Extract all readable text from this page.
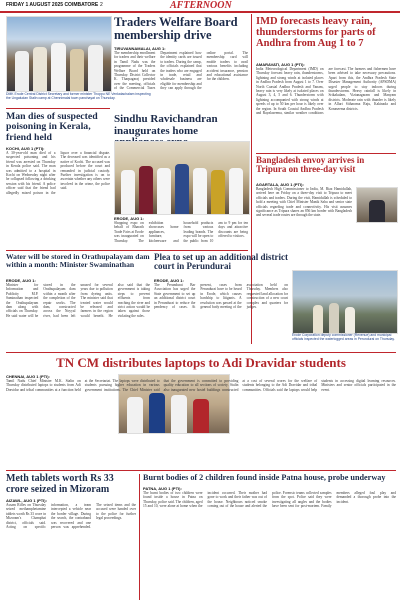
FRIDAY 1 AUGUST 2025 COIMBATORE 2	AFTERNOON
DMK Erode Central District Secretary and former minister Thoppu NE Venkatachalam inspecting the Ungaludan Stalin camp at Chennimalai town panchayat on Thursday.
Traders Welfare Board membership drive
TIRUVANNAMALAI, AUG 1:
The membership enrollment for traders and their welfare in Tamil Nadu was the programme of the Traders Welfare Board held on Thursday. District Collector K. Tharpagaraj presided over the meeting, officials of the Commercial Taxes Department explained how the identity cards are issued to traders. During the camp, the officials explained that the traders who are engaged in trade, retail and wholesale business are eligible for membership and they can apply through the online portal. The membership card will enable traders to avail various benefits including accident insurance, pension and educational assistance for the children.
IMD forecasts heavy rain, thunderstorms for parts of Andhra from Aug 1 to 7
AMARAVATI, AUG 1 (PTI):
India Meteorological Department (IMD) on Thursday forecast heavy rain, thunderstorms, lightning and strong winds at isolated places in Andhra Pradesh from August 1 to 7. Over North Coastal Andhra Pradesh and Yanam, heavy rain is very likely at isolated places on August 3, 4, 5 and 6. Thunderstorm with lightning accompanied with strong winds at speeds of up to 50 km per hour is likely over the region. In South Coastal Andhra Pradesh and Rayalaseema, similar weather conditions are forecast. The farmers and fishermen have been advised to take necessary precautions. Apart from this, the Andhra Pradesh State Disaster Management Authority (APSDMA) urged people to stay indoors during thunderstorms. Heavy rainfall is likely in Srikakulam, Vizianagaram and Manyam districts. Moderate rain with thunder is likely in Alluri Sitharama Raju, Kakinada and Konaseema districts.
Bangladesh envoy arrives in Tripura on three-day visit
AGARTALA, AUG 1 (PTI):
Bangladesh High Commissioner to India, M. Riaz Hamidullah, arrived here on Friday on a three-day visit to Tripura to meet officials and traders. During the visit, Hamidullah is scheduled to hold a meeting with Chief Minister Manik Saha and senior state officials regarding trade and connectivity. His visit assumes significance as Tripura shares an 856 km border with Bangladesh and several trade routes are through the state.
Erode Corporation deputy commissioner (Revenue) and municipal officials inspected the waterlogged areas in Perundurai on Thursday.
Man dies of suspected poisoning in Kerala, friend held
KOCHI, AUG 1 (PTI):
A 30-year-old man died of a suspected poisoning and his friend was arrested on Thursday in Kerala police said. The man was admitted to a hospital in Kochi on Wednesday night after he collapsed following a drinking session with his friend. A police officer said that the friend had allegedly mixed poison in the liquor over a financial dispute. The deceased was identified as a native of Kochi. The accused was produced before the court and remanded in judicial custody. Further investigation is on to ascertain whether any others were involved in the crime, the police said.
Sindhu Ravichandran inaugurates home
ERODE, AUG 1:
Shopping expo on behalf of Bharath Trade Fairs at Erode was inaugurated on Thursday. The exhibition showcases home appliances, furniture, kitchenware and household products from various leading brands. The expo will be open to the public from 10 am to 9 pm for ten days and attractive discounts are being offered to visitors.
Water will be stored in Orathupalayam dam within a month: Minister Swaminathan
ERODE, AUG 1:
Minister for Information and Publicity M.P. Saminathan inspected the Orathupalayam dam along with officials on Thursday. He said water will be stored in the Orathupalayam dam within a month after the completion of the repair works. The dam, constructed across the Noyyal river, had been left unused for several years due to pollution from dyeing units. The minister said that treated water would be released and farmers in the region would benefit. He also said that the government is taking steps to prevent effluents from reaching the river and strict action would be taken against those violating the rules.
Plea to set up an additional district court in Perundurai
ERODE, AUG 1:
The Perundurai Bar Association has urged the State government to set up an additional district court in Perundurai to reduce the pendency of cases. At present, cases from Perundurai have to be heard in Erode, which causes hardship to litigants. A resolution was passed at the general body meeting of the association held on Thursday. Members also requested land allocation for construction of a new court complex and quarters for judges.
TN CM distributes laptops to Adi Dravidar students
CHENNAI, AUG 1 (PTI):
Tamil Nadu Chief Minister M.K. Stalin on Thursday distributed laptops to students from Adi Dravidar and tribal communities at a function held at the Secretariat. The laptops were distributed to students pursuing higher education in various government institutions. The Chief Minister said that the government is committed to providing quality education to all sections of society. Stalin also inaugurated new hostel buildings constructed at a cost of several crores for the welfare of students belonging to the Adi Dravidar and tribal communities. Officials said the laptops would help students in accessing digital learning resources. Ministers and senior officials participated in the event.
Meth tablets worth Rs 33 crore seized in Mizoram
AIZAWL, AUG 1 (PTI):
Assam Rifles on Thursday seized methamphetamine tablets worth Rs 33 crore in Mizoram's Champhai district, officials said. Acting on specific information, a team intercepted a vehicle near the border village. During the search, the contraband was recovered and one person was apprehended. The seized items and the accused were handed over to the police for further legal proceedings.
Burnt bodies of 2 children found inside Patna house, probe underway
PATNA, AUG 1 (PTI):
The burnt bodies of two children were found inside a house in Patna on Thursday, police said. The children, aged 15 and 10, were alone at home when the incident occurred. Their mother had gone to work and their father was out of the house. Neighbours noticed smoke coming out of the house and alerted the police. Forensic teams collected samples from the spot. Police said they were investigating all angles and the bodies have been sent for post-mortem. Family members alleged foul play and demanded a thorough probe into the incident.
